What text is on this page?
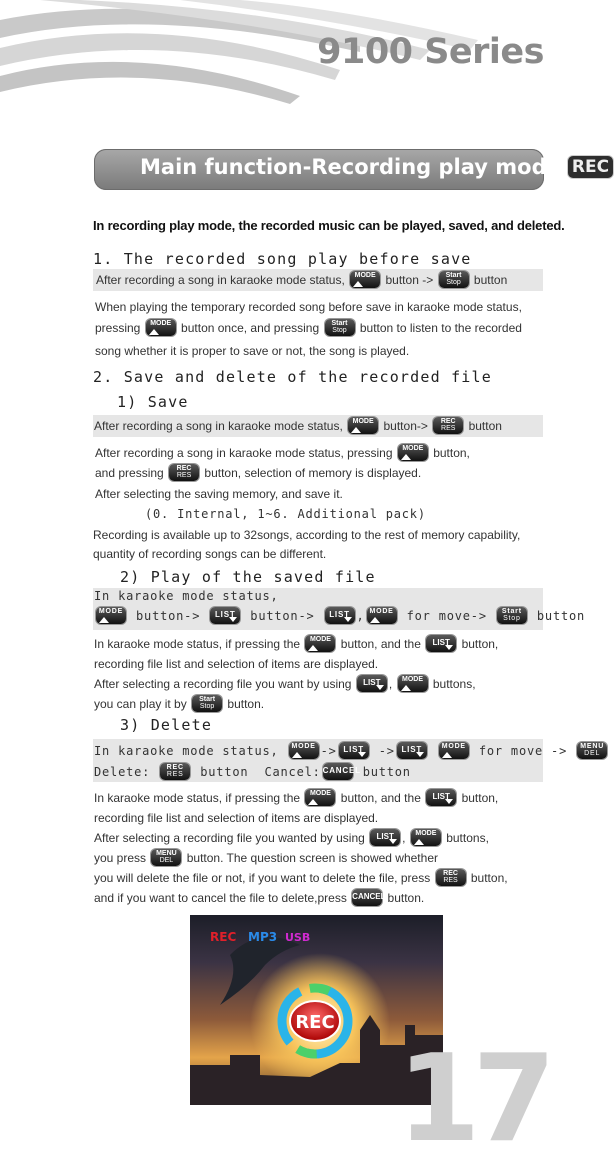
9100 Series
Main function-Recording play mode REC
In recording play mode, the recorded music can be played, saved, and deleted.
1. The recorded song play before save
After recording a song in karaoke mode status,	MODE button ->	Start
Stop	button
When playing the temporary recorded song before save in karaoke mode status,
pressing	MODE button once, and pressing	Start
Stop	button to listen to the recorded
song whether it is proper to save or not, the song is played.
2. Save and delete of the recorded file
1) Save
After recording a song in karaoke mode status,	MODE button->	REC
RES	button
After recording a song in karaoke mode status, pressing	MODE button,
and pressing	REC
RES	button, selection of memory is displayed.
After selecting the saving memory, and save it.
(0. Internal, 1~6. Additional pack)
Recording is available up to 32songs, according to the rest of memory capability,
quantity of recording songs can be different.
2) Play of the saved file
In karaoke mode status,
MODE button->	LIST	button->	LIST , MODE for move->	Start
Stop	button
In karaoke mode status, if pressing the	MODE button, and the	LIST button,
recording file list and selection of items are displayed.
After selecting a recording file you want by using	LIST ,	MODE buttons,
you can play it by	Start
Stop	button.
3) Delete
In karaoke mode status,	MODE -> LIST	-> LIST
	MODE for move ->	MENU
DEL
Delete:	REC
RES	button Cancel: CANCEL button
In karaoke mode status, if pressing the	MODE button, and the	LIST button,
recording file list and selection of items are displayed.
After selecting a recording file you wanted by using	LIST ,	MODE buttons,
you press	MENU
DEL	button. The question screen is showed whether
you will delete the file or not, if you want to delete the file, press	REC
RES	button,
and if you want to cancel the file to delete,press CANCEL button.
REC
REC MP3 USB
17
